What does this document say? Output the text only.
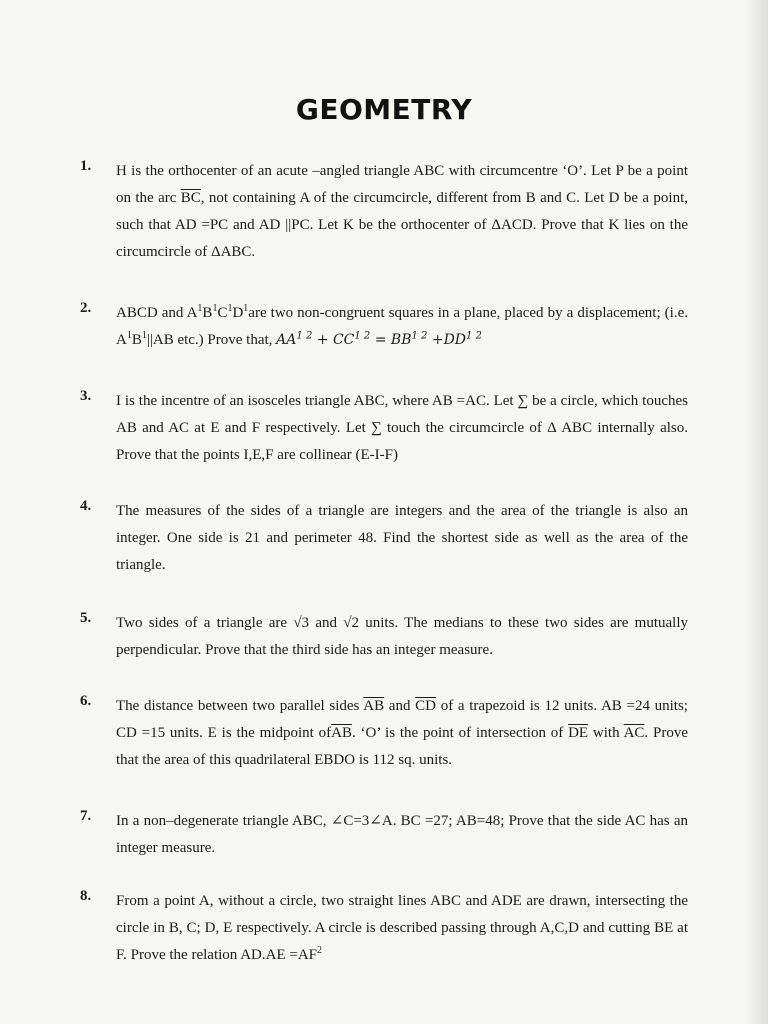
GEOMETRY
1. H is the orthocenter of an acute –angled triangle ABC with circumcentre ‘O’. Let P be a point on the arc $\overline{BC}$, not containing A of the circumcircle, different from B and C. Let D be a point, such that AD =PC and AD ||PC. Let K be the orthocenter of ΔACD. Prove that K lies on the circumcircle of ΔABC.
2. ABCD and $A^1B^1C^1D^1are$ two non-congruent squares in a plane, placed by a displacement; (i.e. $A^1B^1||AB$ etc.) Prove that, $AA^{1 2} + CC^{1 2} = BB^{1 2} +DD^{1 2}$
3. I is the incentre of an isosceles triangle ABC, where AB =AC. Let ∑ be a circle, which touches AB and AC at E and F respectively. Let ∑ touch the circumcircle of Δ ABC internally also. Prove that the points I,E,F are collinear (E-I-F)
4. The measures of the sides of a triangle are integers and the area of the triangle is also an integer. One side is 21 and perimeter 48. Find the shortest side as well as the area of the triangle.
5. Two sides of a triangle are √3 and √2 units. The medians to these two sides are mutually perpendicular. Prove that the third side has an integer measure.
6. The distance between two parallel sides $\overline{AB}$ and $\overline{CD}$ of a trapezoid is 12 units. AB =24 units; CD =15 units. E is the midpoint $of\overline{AB}$. ‘O’ is the point of intersection of $\overline{DE}$ with $\overline{AC}$. Prove that the area of this quadrilateral EBDO is 112 sq. units.
7. In a non–degenerate triangle ABC, ∠C=3∠A. BC =27; AB=48; Prove that the side AC has an integer measure.
8. From a point A, without a circle, two straight lines ABC and ADE are drawn, intersecting the circle in B, C; D, E respectively. A circle is described passing through A,C,D and cutting BE at F. Prove the relation $AD.AE =AF^2$
